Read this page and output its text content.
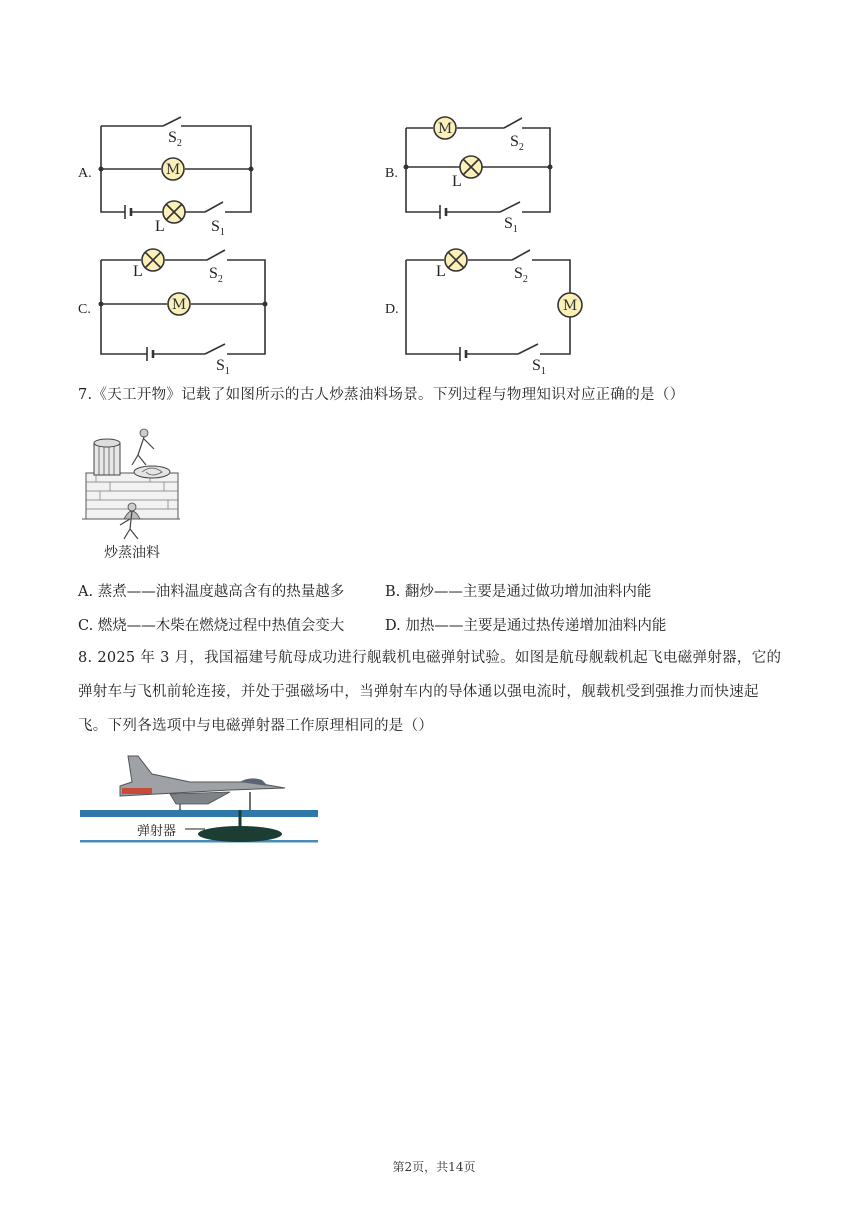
A.	M
$S_2$
L	$S_1$
B.
M
$S_2$
L
$S_1$
C.	M
L	$S_2$
$S_1$
D.	M
L	$S_2$
$S_1$
7.《天工开物》记载了如图所示的古人炒蒸油料场景。下列过程与物理知识对应正确的是（）
炒蒸油料
A. 蒸煮——油料温度越高含有的热量越多	B. 翻炒——主要是通过做功增加油料内能
C. 燃烧——木柴在燃烧过程中热值会变大	D. 加热——主要是通过热传递增加油料内能
8. 2025 年 3 月，我国福建号航母成功进行舰载机电磁弹射试验。如图是航母舰载机起飞电磁弹射器，它的
弹射车与飞机前轮连接，并处于强磁场中，当弹射车内的导体通以强电流时，舰载机受到强推力而快速起
飞。下列各选项中与电磁弹射器工作原理相同的是（）
弹射器
第2页，共14页
